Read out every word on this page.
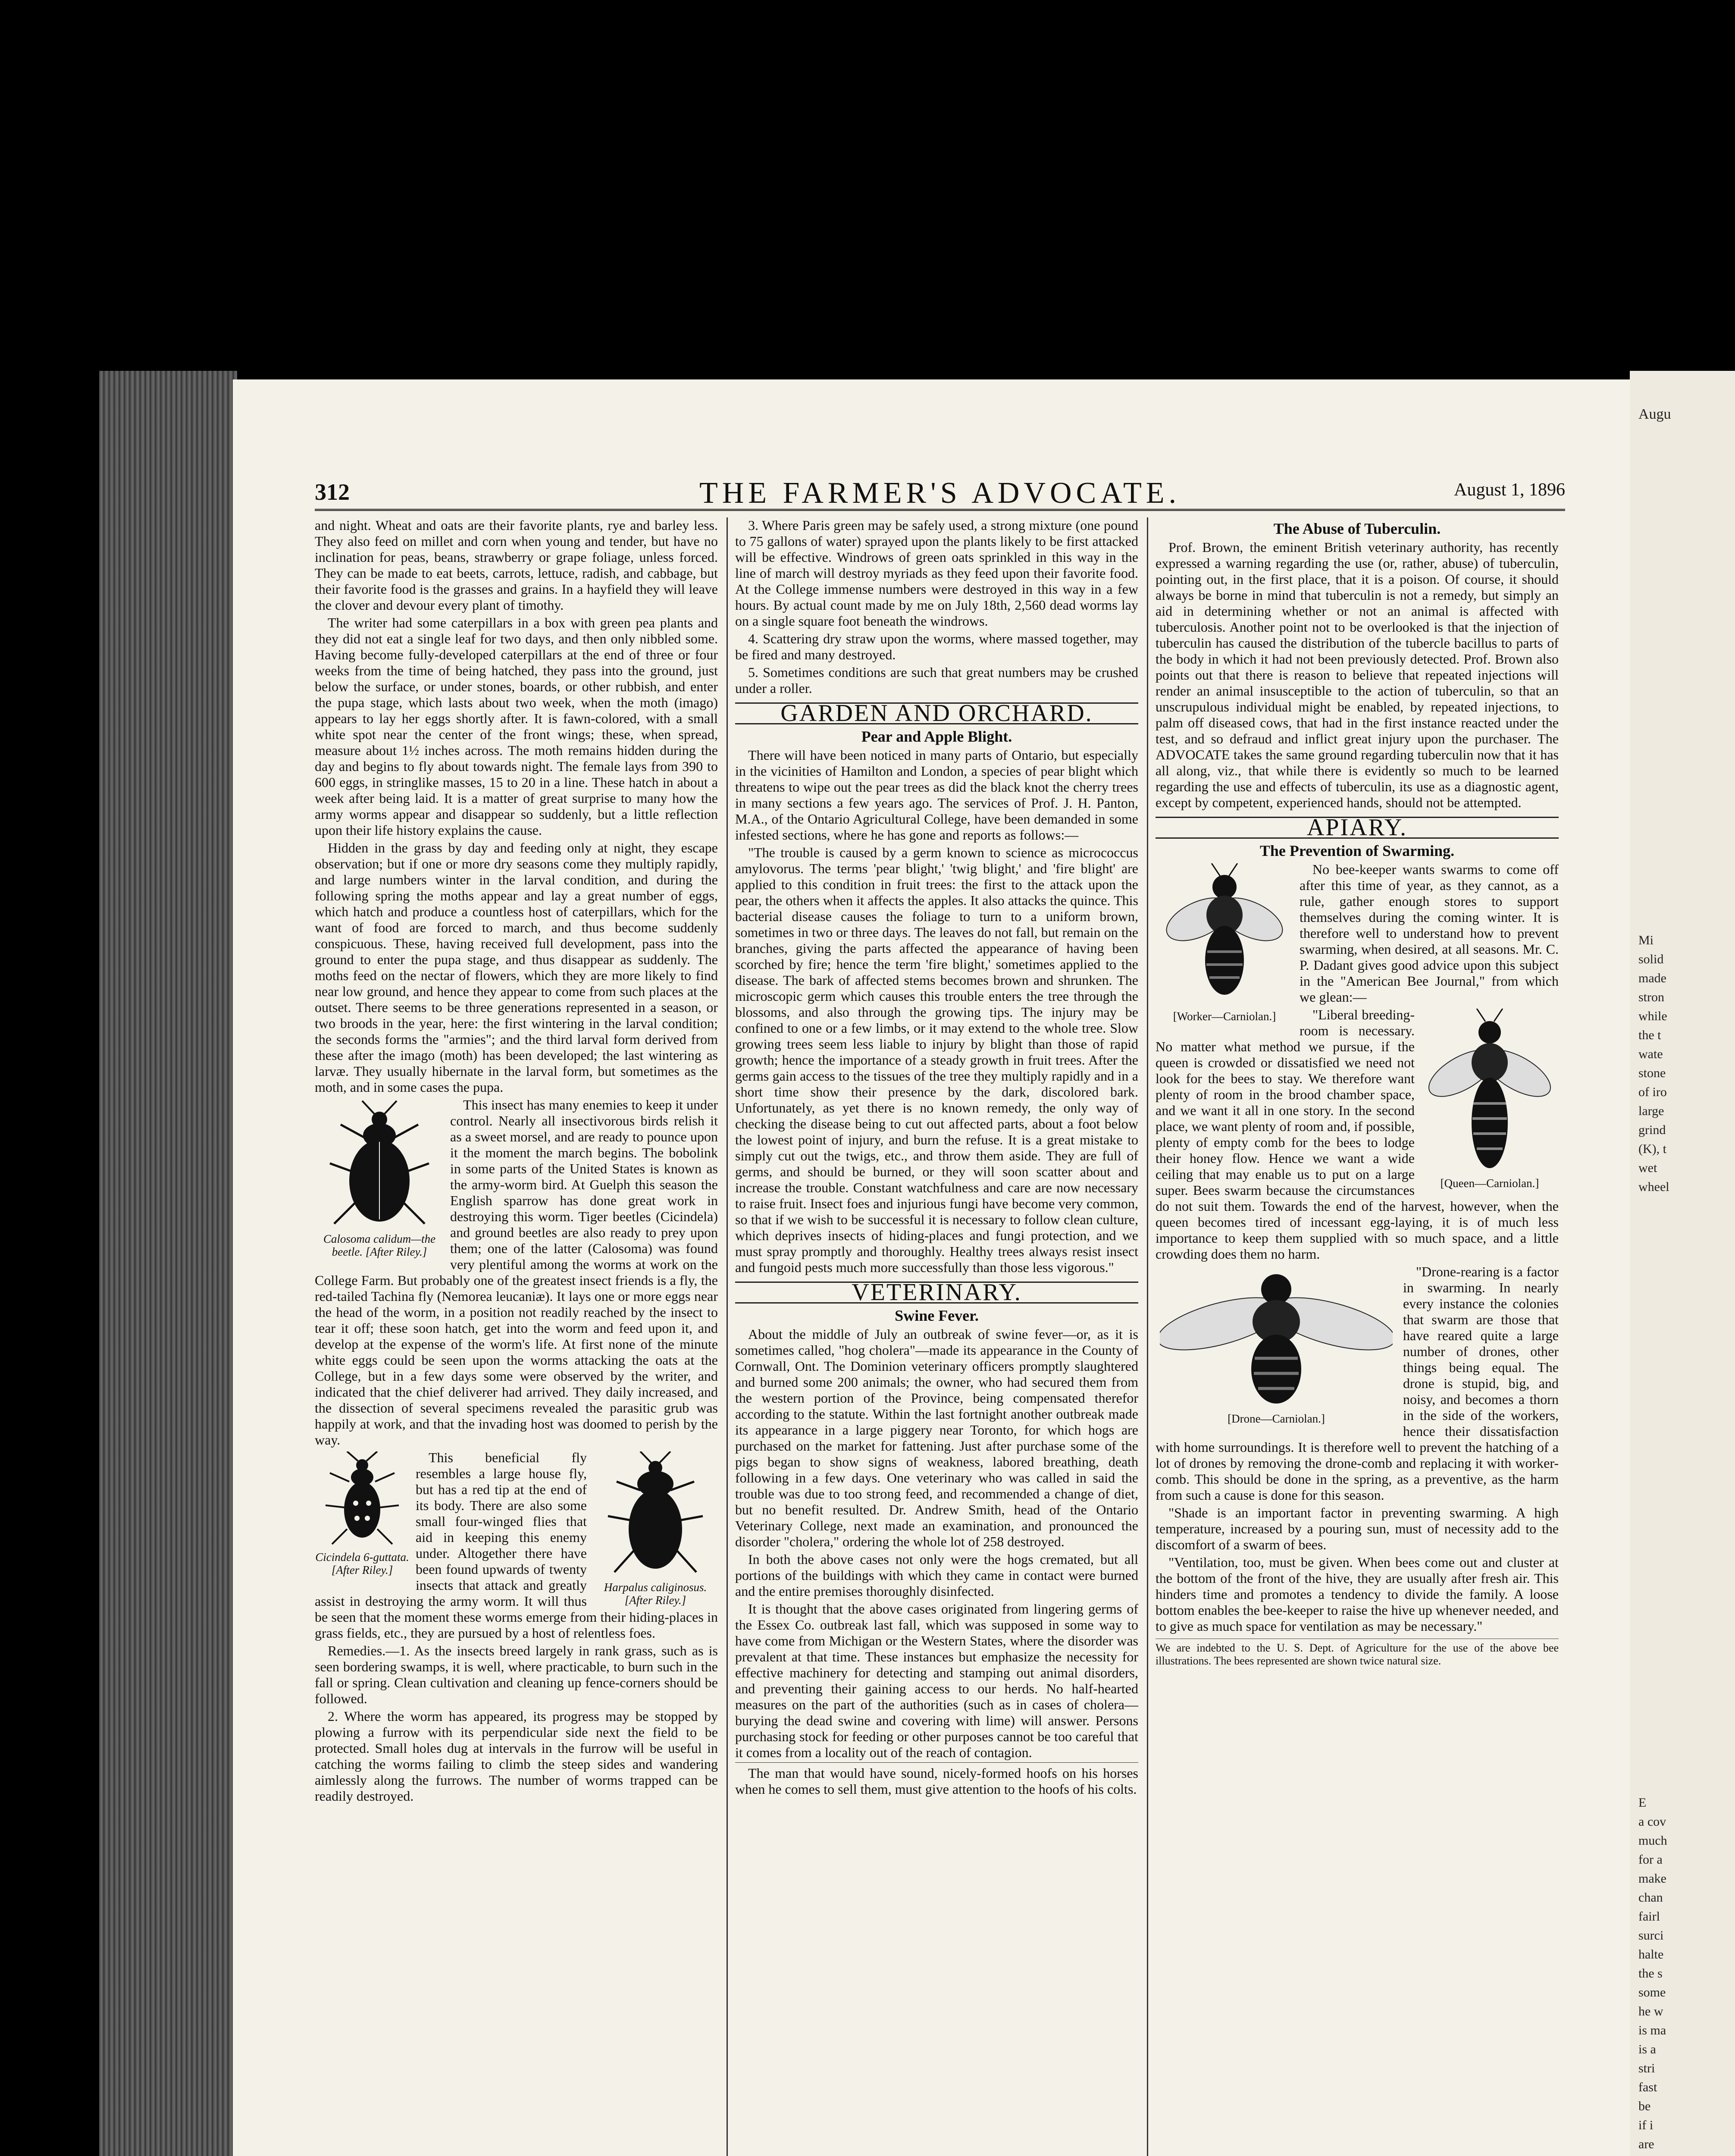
Augu
Mi
solid
made
stron
while
the t
wate
stone
of iro
large
grind
(K), t
wet
wheel
E
a cov
much
for a
make
chan
fairl
surci
halte
the s
some
he w
is ma
is a
stri
fast
be
if i
are
312	THE FARMER'S ADVOCATE.	August 1, 1896

and night. Wheat and oats are their favorite plants, rye and barley less. They also feed on millet and corn when young and tender, but have no inclination for peas, beans, strawberry or grape foliage, unless forced. They can be made to eat beets, carrots, lettuce, radish, and cabbage, but their favorite food is the grasses and grains. In a hayfield they will leave the clover and devour every plant of timothy.

The writer had some caterpillars in a box with green pea plants and they did not eat a single leaf for two days, and then only nibbled some. Having become fully-developed caterpillars at the end of three or four weeks from the time of being hatched, they pass into the ground, just below the surface, or under stones, boards, or other rubbish, and enter the pupa stage, which lasts about two week, when the moth (imago) appears to lay her eggs shortly after. It is fawn-colored, with a small white spot near the center of the front wings; these, when spread, measure about 1½ inches across. The moth remains hidden during the day and begins to fly about towards night. The female lays from 390 to 600 eggs, in stringlike masses, 15 to 20 in a line. These hatch in about a week after being laid. It is a matter of great surprise to many how the army worms appear and disappear so suddenly, but a little reflection upon their life history explains the cause.

Hidden in the grass by day and feeding only at night, they escape observation; but if one or more dry seasons come they multiply rapidly, and large numbers winter in the larval condition, and during the following spring the moths appear and lay a great number of eggs, which hatch and produce a countless host of caterpillars, which for the want of food are forced to march, and thus become suddenly conspicuous. These, having received full development, pass into the ground to enter the pupa stage, and thus disappear as suddenly. The moths feed on the nectar of flowers, which they are more likely to find near low ground, and hence they appear to come from such places at the outset. There seems to be three generations represented in a season, or two broods in the year, here: the first wintering in the larval condition; the seconds forms the "armies"; and the third larval form derived from these after the imago (moth) has been developed; the last wintering as larvæ. They usually hibernate in the larval form, but sometimes as the moth, and in some cases the pupa.

Calosoma calidum—the beetle. [After Riley.]

This insect has many enemies to keep it under control. Nearly all insectivorous birds relish it as a sweet morsel, and are ready to pounce upon it the moment the march begins. The bobolink in some parts of the United States is known as the army-worm bird. At Guelph this season the English sparrow has done great work in destroying this worm. Tiger beetles (Cicindela) and ground beetles are also ready to prey upon them; one of the latter (Calosoma) was found very plentiful among the worms at work on the College Farm. But probably one of the greatest insect friends is a fly, the red-tailed Tachina fly (Nemorea leucaniæ). It lays one or more eggs near the head of the worm, in a position not readily reached by the insect to tear it off; these soon hatch, get into the worm and feed upon it, and develop at the expense of the worm's life. At first none of the minute white eggs could be seen upon the worms attacking the oats at the College, but in a few days some were observed by the writer, and indicated that the chief deliverer had arrived. They daily increased, and the dissection of several specimens revealed the parasitic grub was happily at work, and that the invading host was doomed to perish by the way.

Harpalus caliginosus. [After Riley.]
Cicindela 6-guttata. [After Riley.]

This beneficial fly resembles a large house fly, but has a red tip at the end of its body. There are also some small four-winged flies that aid in keeping this enemy under. Altogether there have been found upwards of twenty insects that attack and greatly assist in destroying the army worm. It will thus be seen that the moment these worms emerge from their hiding-places in grass fields, etc., they are pursued by a host of relentless foes.

Remedies.—1. As the insects breed largely in rank grass, such as is seen bordering swamps, it is well, where practicable, to burn such in the fall or spring. Clean cultivation and cleaning up fence-corners should be followed.

2. Where the worm has appeared, its progress may be stopped by plowing a furrow with its perpendicular side next the field to be protected. Small holes dug at intervals in the furrow will be useful in catching the worms failing to climb the steep sides and wandering aimlessly along the furrows. The number of worms trapped can be readily destroyed.

3. Where Paris green may be safely used, a strong mixture (one pound to 75 gallons of water) sprayed upon the plants likely to be first attacked will be effective. Windrows of green oats sprinkled in this way in the line of march will destroy myriads as they feed upon their favorite food. At the College immense numbers were destroyed in this way in a few hours. By actual count made by me on July 18th, 2,560 dead worms lay on a single square foot beneath the windrows.

4. Scattering dry straw upon the worms, where massed together, may be fired and many destroyed.

5. Sometimes conditions are such that great numbers may be crushed under a roller.

GARDEN AND ORCHARD.
Pear and Apple Blight.

There will have been noticed in many parts of Ontario, but especially in the vicinities of Hamilton and London, a species of pear blight which threatens to wipe out the pear trees as did the black knot the cherry trees in many sections a few years ago. The services of Prof. J. H. Panton, M.A., of the Ontario Agricultural College, have been demanded in some infested sections, where he has gone and reports as follows:—

"The trouble is caused by a germ known to science as micrococcus amylovorus. The terms 'pear blight,' 'twig blight,' and 'fire blight' are applied to this condition in fruit trees: the first to the attack upon the pear, the others when it affects the apples. It also attacks the quince. This bacterial disease causes the foliage to turn to a uniform brown, sometimes in two or three days. The leaves do not fall, but remain on the branches, giving the parts affected the appearance of having been scorched by fire; hence the term 'fire blight,' sometimes applied to the disease. The bark of affected stems becomes brown and shrunken. The microscopic germ which causes this trouble enters the tree through the blossoms, and also through the growing tips. The injury may be confined to one or a few limbs, or it may extend to the whole tree. Slow growing trees seem less liable to injury by blight than those of rapid growth; hence the importance of a steady growth in fruit trees. After the germs gain access to the tissues of the tree they multiply rapidly and in a short time show their presence by the dark, discolored bark. Unfortunately, as yet there is no known remedy, the only way of checking the disease being to cut out affected parts, about a foot below the lowest point of injury, and burn the refuse. It is a great mistake to simply cut out the twigs, etc., and throw them aside. They are full of germs, and should be burned, or they will soon scatter about and increase the trouble. Constant watchfulness and care are now necessary to raise fruit. Insect foes and injurious fungi have become very common, so that if we wish to be successful it is necessary to follow clean culture, which deprives insects of hiding-places and fungi protection, and we must spray promptly and thoroughly. Healthy trees always resist insect and fungoid pests much more successfully than those less vigorous."

VETERINARY.
Swine Fever.

About the middle of July an outbreak of swine fever—or, as it is sometimes called, "hog cholera"—made its appearance in the County of Cornwall, Ont. The Dominion veterinary officers promptly slaughtered and burned some 200 animals; the owner, who had secured them from the western portion of the Province, being compensated therefor according to the statute. Within the last fortnight another outbreak made its appearance in a large piggery near Toronto, for which hogs are purchased on the market for fattening. Just after purchase some of the pigs began to show signs of weakness, labored breathing, death following in a few days. One veterinary who was called in said the trouble was due to too strong feed, and recommended a change of diet, but no benefit resulted. Dr. Andrew Smith, head of the Ontario Veterinary College, next made an examination, and pronounced the disorder "cholera," ordering the whole lot of 258 destroyed.

In both the above cases not only were the hogs cremated, but all portions of the buildings with which they came in contact were burned and the entire premises thoroughly disinfected.

It is thought that the above cases originated from lingering germs of the Essex Co. outbreak last fall, which was supposed in some way to have come from Michigan or the Western States, where the disorder was prevalent at that time. These instances but emphasize the necessity for effective machinery for detecting and stamping out animal disorders, and preventing their gaining access to our herds. No half-hearted measures on the part of the authorities (such as in cases of cholera—burying the dead swine and covering with lime) will answer. Persons purchasing stock for feeding or other purposes cannot be too careful that it comes from a locality out of the reach of contagion.

The man that would have sound, nicely-formed hoofs on his horses when he comes to sell them, must give attention to the hoofs of his colts.

The Abuse of Tuberculin.

Prof. Brown, the eminent British veterinary authority, has recently expressed a warning regarding the use (or, rather, abuse) of tuberculin, pointing out, in the first place, that it is a poison. Of course, it should always be borne in mind that tuberculin is not a remedy, but simply an aid in determining whether or not an animal is affected with tuberculosis. Another point not to be overlooked is that the injection of tuberculin has caused the distribution of the tubercle bacillus to parts of the body in which it had not been previously detected. Prof. Brown also points out that there is reason to believe that repeated injections will render an animal insusceptible to the action of tuberculin, so that an unscrupulous individual might be enabled, by repeated injections, to palm off diseased cows, that had in the first instance reacted under the test, and so defraud and inflict great injury upon the purchaser. The ADVOCATE takes the same ground regarding tuberculin now that it has all along, viz., that while there is evidently so much to be learned regarding the use and effects of tuberculin, its use as a diagnostic agent, except by competent, experienced hands, should not be attempted.

APIARY.
The Prevention of Swarming.
[Worker—Carniolan.]

No bee-keeper wants swarms to come off after this time of year, as they cannot, as a rule, gather enough stores to support themselves during the coming winter. It is therefore well to understand how to prevent swarming, when desired, at all seasons. Mr. C. P. Dadant gives good advice upon this subject in the "American Bee Journal," from which we glean:—

[Queen—Carniolan.]

"Liberal breeding-room is necessary. No matter what method we pursue, if the queen is crowded or dissatisfied we need not look for the bees to stay. We therefore want plenty of room in the brood chamber space, and we want it all in one story. In the second place, we want plenty of room and, if possible, plenty of empty comb for the bees to lodge their honey flow. Hence we want a wide ceiling that may enable us to put on a large super. Bees swarm because the circumstances do not suit them. Towards the end of the harvest, however, when the queen becomes tired of incessant egg-laying, it is of much less importance to keep them supplied with so much space, and a little crowding does them no harm.

[Drone—Carniolan.]

"Drone-rearing is a factor in swarming. In nearly every instance the colonies that swarm are those that have reared quite a large number of drones, other things being equal. The drone is stupid, big, and noisy, and becomes a thorn in the side of the workers, hence their dissatisfaction with home surroundings. It is therefore well to prevent the hatching of a lot of drones by removing the drone-comb and replacing it with worker-comb. This should be done in the spring, as a preventive, as the harm from such a cause is done for this season.

"Shade is an important factor in preventing swarming. A high temperature, increased by a pouring sun, must of necessity add to the discomfort of a swarm of bees.

"Ventilation, too, must be given. When bees come out and cluster at the bottom of the front of the hive, they are usually after fresh air. This hinders time and promotes a tendency to divide the family. A loose bottom enables the bee-keeper to raise the hive up whenever needed, and to give as much space for ventilation as may be necessary."

We are indebted to the U. S. Dept. of Agriculture for the use of the above bee illustrations. The bees represented are shown twice natural size.
